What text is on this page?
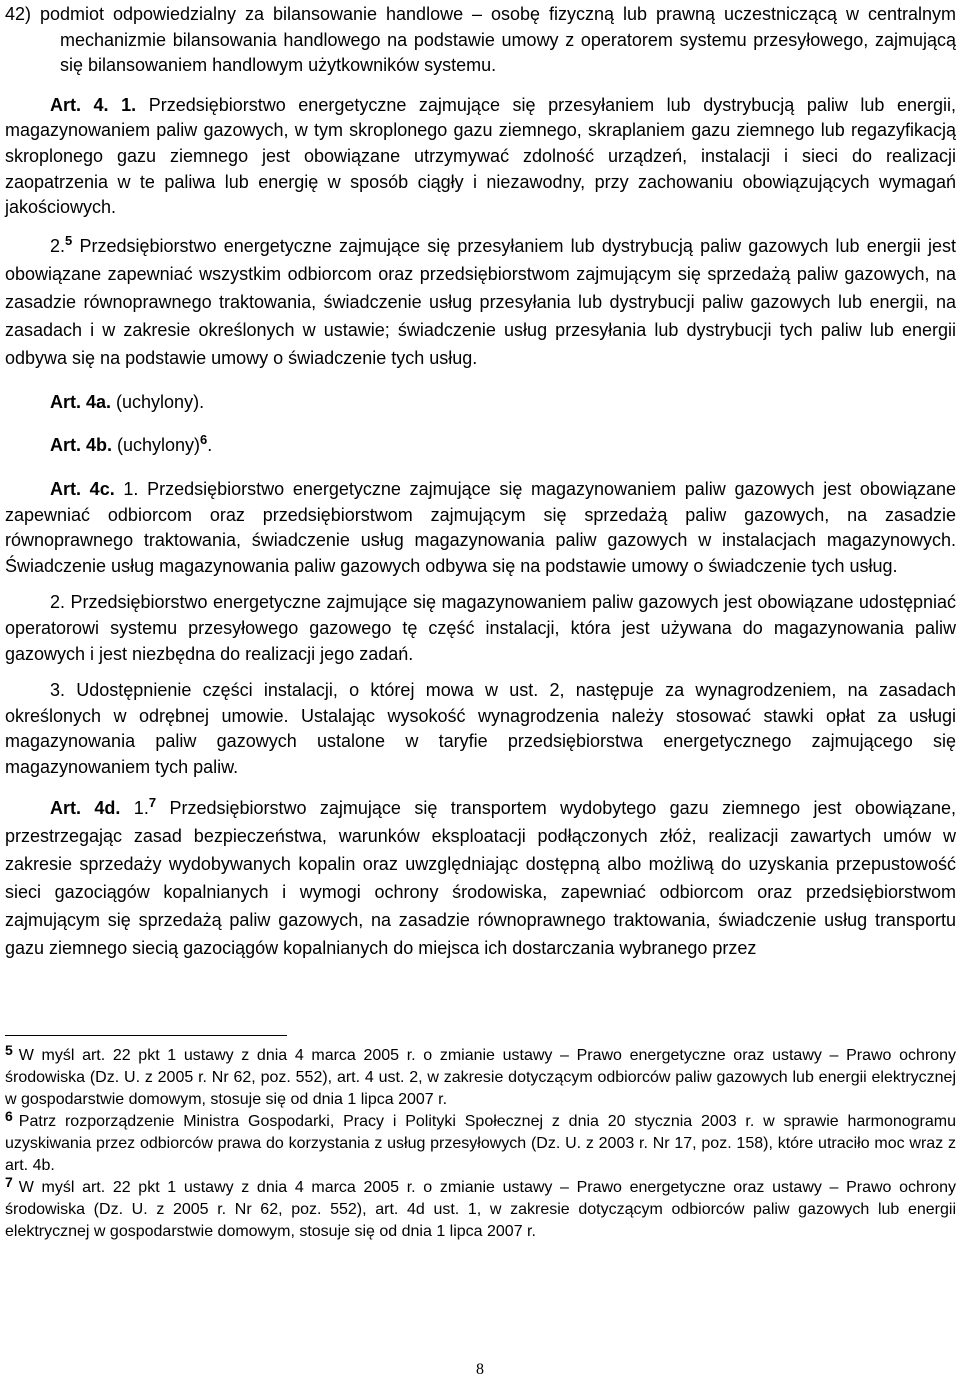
42) podmiot odpowiedzialny za bilansowanie handlowe – osobę fizyczną lub prawną uczestniczącą w centralnym mechanizmie bilansowania handlowego na podstawie umowy z operatorem systemu przesyłowego, zajmującą się bilansowaniem handlowym użytkowników systemu.

Art. 4. 1. Przedsiębiorstwo energetyczne zajmujące się przesyłaniem lub dystrybucją paliw lub energii, magazynowaniem paliw gazowych, w tym skroplonego gazu ziemnego, skraplaniem gazu ziemnego lub regazyfikacją skroplonego gazu ziemnego jest obowiązane utrzymywać zdolność urządzeń, instalacji i sieci do realizacji zaopatrzenia w te paliwa lub energię w sposób ciągły i niezawodny, przy zachowaniu obowiązujących wymagań jakościowych.

2.$^5$ Przedsiębiorstwo energetyczne zajmujące się przesyłaniem lub dystrybucją paliw gazowych lub energii jest obowiązane zapewniać wszystkim odbiorcom oraz przedsiębiorstwom zajmującym się sprzedażą paliw gazowych, na zasadzie równoprawnego traktowania, świadczenie usług przesyłania lub dystrybucji paliw gazowych lub energii, na zasadach i w zakresie określonych w ustawie; świadczenie usług przesyłania lub dystrybucji tych paliw lub energii odbywa się na podstawie umowy o świadczenie tych usług.

Art. 4a. (uchylony).

Art. 4b. (uchylony)$^6$.

Art. 4c. 1. Przedsiębiorstwo energetyczne zajmujące się magazynowaniem paliw gazowych jest obowiązane zapewniać odbiorcom oraz przedsiębiorstwom zajmującym się sprzedażą paliw gazowych, na zasadzie równoprawnego traktowania, świadczenie usług magazynowania paliw gazowych w instalacjach magazynowych. Świadczenie usług magazynowania paliw gazowych odbywa się na podstawie umowy o świadczenie tych usług.

2. Przedsiębiorstwo energetyczne zajmujące się magazynowaniem paliw gazowych jest obowiązane udostępniać operatorowi systemu przesyłowego gazowego tę część instalacji, która jest używana do magazynowania paliw gazowych i jest niezbędna do realizacji jego zadań.

3. Udostępnienie części instalacji, o której mowa w ust. 2, następuje za wynagrodzeniem, na zasadach określonych w odrębnej umowie. Ustalając wysokość wynagrodzenia należy stosować stawki opłat za usługi magazynowania paliw gazowych ustalone w taryfie przedsiębiorstwa energetycznego zajmującego się magazynowaniem tych paliw.

Art. 4d. 1.$^7$ Przedsiębiorstwo zajmujące się transportem wydobytego gazu ziemnego jest obowiązane, przestrzegając zasad bezpieczeństwa, warunków eksploatacji podłączonych złóż, realizacji zawartych umów w zakresie sprzedaży wydobywanych kopalin oraz uwzględniając dostępną albo możliwą do uzyskania przepustowość sieci gazociągów kopalnianych i wymogi ochrony środowiska, zapewniać odbiorcom oraz przedsiębiorstwom zajmującym się sprzedażą paliw gazowych, na zasadzie równoprawnego traktowania, świadczenie usług transportu gazu ziemnego siecią gazociągów kopalnianych do miejsca ich dostarczania wybranego przez

$^5$ W myśl art. 22 pkt 1 ustawy z dnia 4 marca 2005 r. o zmianie ustawy – Prawo energetyczne oraz ustawy – Prawo ochrony środowiska (Dz. U. z 2005 r. Nr 62, poz. 552), art. 4 ust. 2, w zakresie dotyczącym odbiorców paliw gazowych lub energii elektrycznej w gospodarstwie domowym, stosuje się od dnia 1 lipca 2007 r.

$^6$ Patrz rozporządzenie Ministra Gospodarki, Pracy i Polityki Społecznej z dnia 20 stycznia 2003 r. w sprawie harmonogramu uzyskiwania przez odbiorców prawa do korzystania z usług przesyłowych (Dz. U. z 2003 r. Nr 17, poz. 158), które utraciło moc wraz z art. 4b.

$^7$ W myśl art. 22 pkt 1 ustawy z dnia 4 marca 2005 r. o zmianie ustawy – Prawo energetyczne oraz ustawy – Prawo ochrony środowiska (Dz. U. z 2005 r. Nr 62, poz. 552), art. 4d ust. 1, w zakresie dotyczącym odbiorców paliw gazowych lub energii elektrycznej w gospodarstwie domowym, stosuje się od dnia 1 lipca 2007 r.

8
